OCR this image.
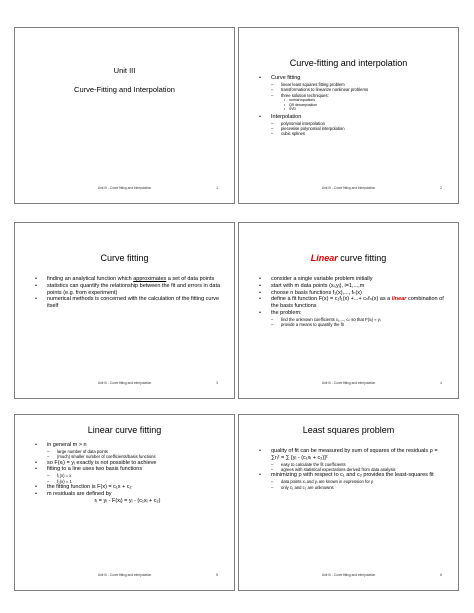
Unit III
Curve-Fitting and Interpolation
Unit III - Curve fitting and interpolation	1
Curve-fitting and interpolation
• Curve fitting
– linear least squares fitting problem
– transformations to linearize nonlinear problems
– three solution techniques:
• normal equations
• QR decomposition
• SVD
• Interpolation
– polynomial interpolation
– piecewise polynomial interpolation
– cubic splines
Unit III - Curve fitting and interpolation	2
Curve fitting
• finding an analytical function which approximates a set of data points
• statistics can quantify the relationship between the fit and errors in data points (e.g. from experiment)
• numerical methods is concerned with the calculation of the fitting curve itself
Unit III - Curve fitting and interpolation	3
Linear curve fitting
• consider a single variable problem initially
• start with m data points (xᵢ,yᵢ), i=1,...,m
• choose n basis functions f₁(x),..., fₙ(x)
• define a fit function F(x) = c₁f₁(x) +...+ cₙfₙ(x) as a linear combination of the basis functions
• the problem:
– find the unknown coefficients c₁,..., cₙ so that F(xᵢ) ≈ yᵢ
– provide a means to quantify the fit
Unit III - Curve fitting and interpolation	4
Linear curve fitting
• in general m > n
– large number of data points
– (much) smaller number of coefficients/basis functions
• so F(xᵢ) = yᵢ exactly is not possible to achieve
• fitting to a line uses two basis functions
– f₁(x) = x
– f₂(x) = 1
• the fitting function is F(x) = c₁x + c₂
• m residuals are defined by
rᵢ = yᵢ - F(xᵢ) = yᵢ - (c₁xᵢ + c₂)
Unit III - Curve fitting and interpolation	5
Least squares problem
• quality of fit can be measured by sum of squares of the residuals ρ = ∑rᵢ² = ∑ [yᵢ - (c₁xᵢ + c₂)]²
– easy to calculate the fit coefficients
– agrees with statistical expectations derived from data analysis
• minimizing ρ with respect to c₁ and c₂ provides the least-squares fit
– data points xᵢ and yᵢ are known in expression for ρ
– only c₁ and c₂ are unknowns
Unit III - Curve fitting and interpolation	6
